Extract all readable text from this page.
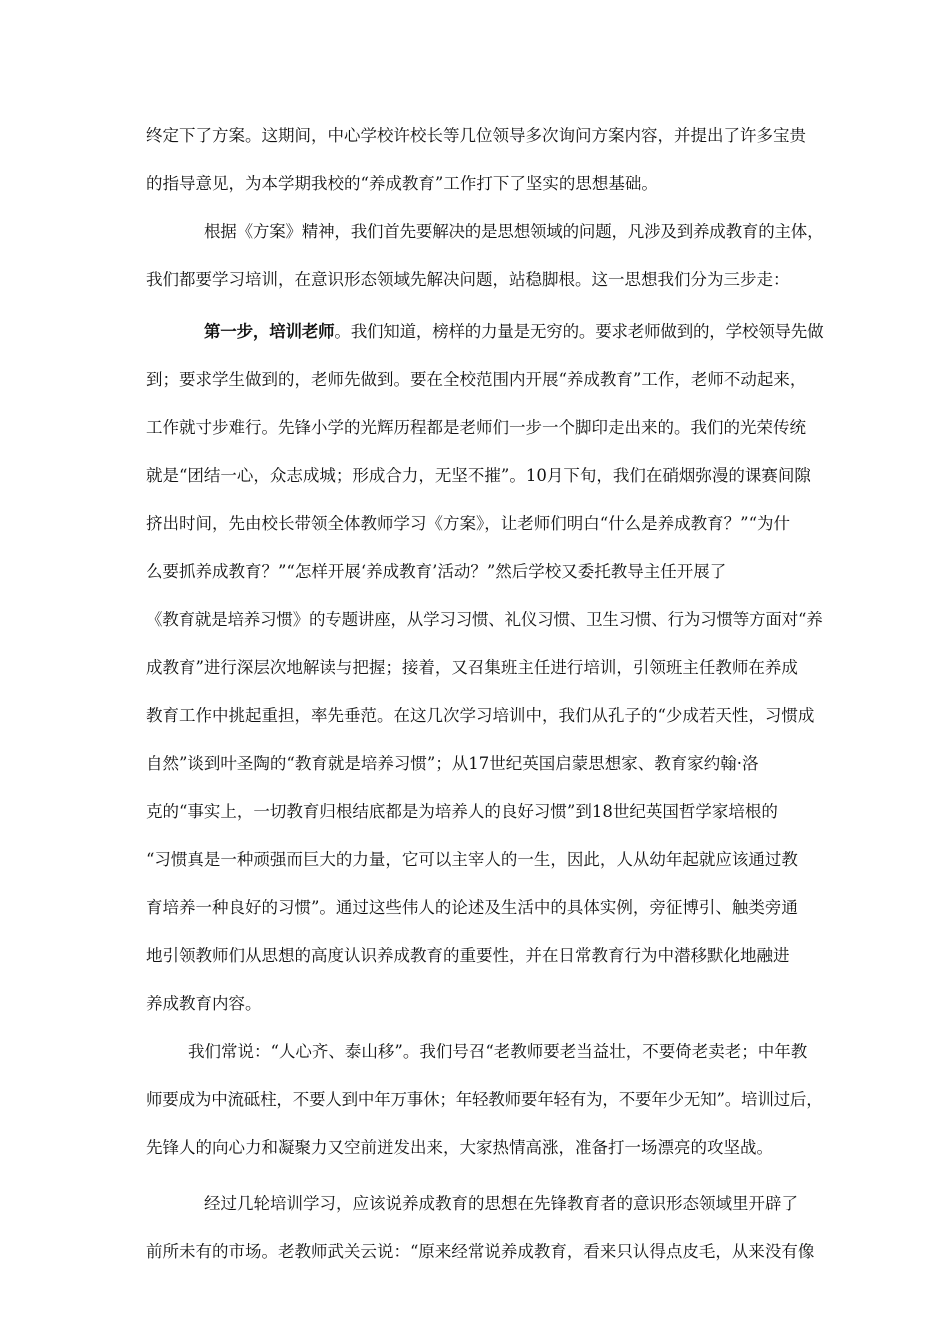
终定下了方案。这期间，中心学校许校长等几位领导多次询问方案内容，并提出了许多宝贵
的指导意见，为本学期我校的“养成教育”工作打下了坚实的思想基础。
根据《方案》精神，我们首先要解决的是思想领域的问题，凡涉及到养成教育的主体，
我们都要学习培训，在意识形态领域先解决问题，站稳脚根。这一思想我们分为三步走：
第一步，培训老师。我们知道，榜样的力量是无穷的。要求老师做到的，学校领导先做
到；要求学生做到的，老师先做到。要在全校范围内开展“养成教育”工作，老师不动起来，
工作就寸步难行。先锋小学的光辉历程都是老师们一步一个脚印走出来的。我们的光荣传统
就是“团结一心，众志成城；形成合力，无坚不摧”。10月下旬，我们在硝烟弥漫的课赛间隙
挤出时间，先由校长带领全体教师学习《方案》，让老师们明白“什么是养成教育？”“为什
么要抓养成教育？”“怎样开展‘养成教育’活动？”然后学校又委托教导主任开展了
《教育就是培养习惯》的专题讲座，从学习习惯、礼仪习惯、卫生习惯、行为习惯等方面对“养
成教育”进行深层次地解读与把握；接着，又召集班主任进行培训，引领班主任教师在养成
教育工作中挑起重担，率先垂范。在这几次学习培训中，我们从孔子的“少成若天性，习惯成
自然”谈到叶圣陶的“教育就是培养习惯”；从17世纪英国启蒙思想家、教育家约翰·洛
克的“事实上，一切教育归根结底都是为培养人的良好习惯”到18世纪英国哲学家培根的
“习惯真是一种顽强而巨大的力量，它可以主宰人的一生，因此，人从幼年起就应该通过教
育培养一种良好的习惯”。通过这些伟人的论述及生活中的具体实例，旁征博引、触类旁通
地引领教师们从思想的高度认识养成教育的重要性，并在日常教育行为中潜移默化地融进
养成教育内容。
我们常说：“人心齐、泰山移”。我们号召“老教师要老当益壮，不要倚老卖老；中年教
师要成为中流砥柱，不要人到中年万事休；年轻教师要年轻有为，不要年少无知”。培训过后，
先锋人的向心力和凝聚力又空前迸发出来，大家热情高涨，准备打一场漂亮的攻坚战。
经过几轮培训学习，应该说养成教育的思想在先锋教育者的意识形态领域里开辟了
前所未有的市场。老教师武关云说：“原来经常说养成教育，看来只认得点皮毛，从来没有像
